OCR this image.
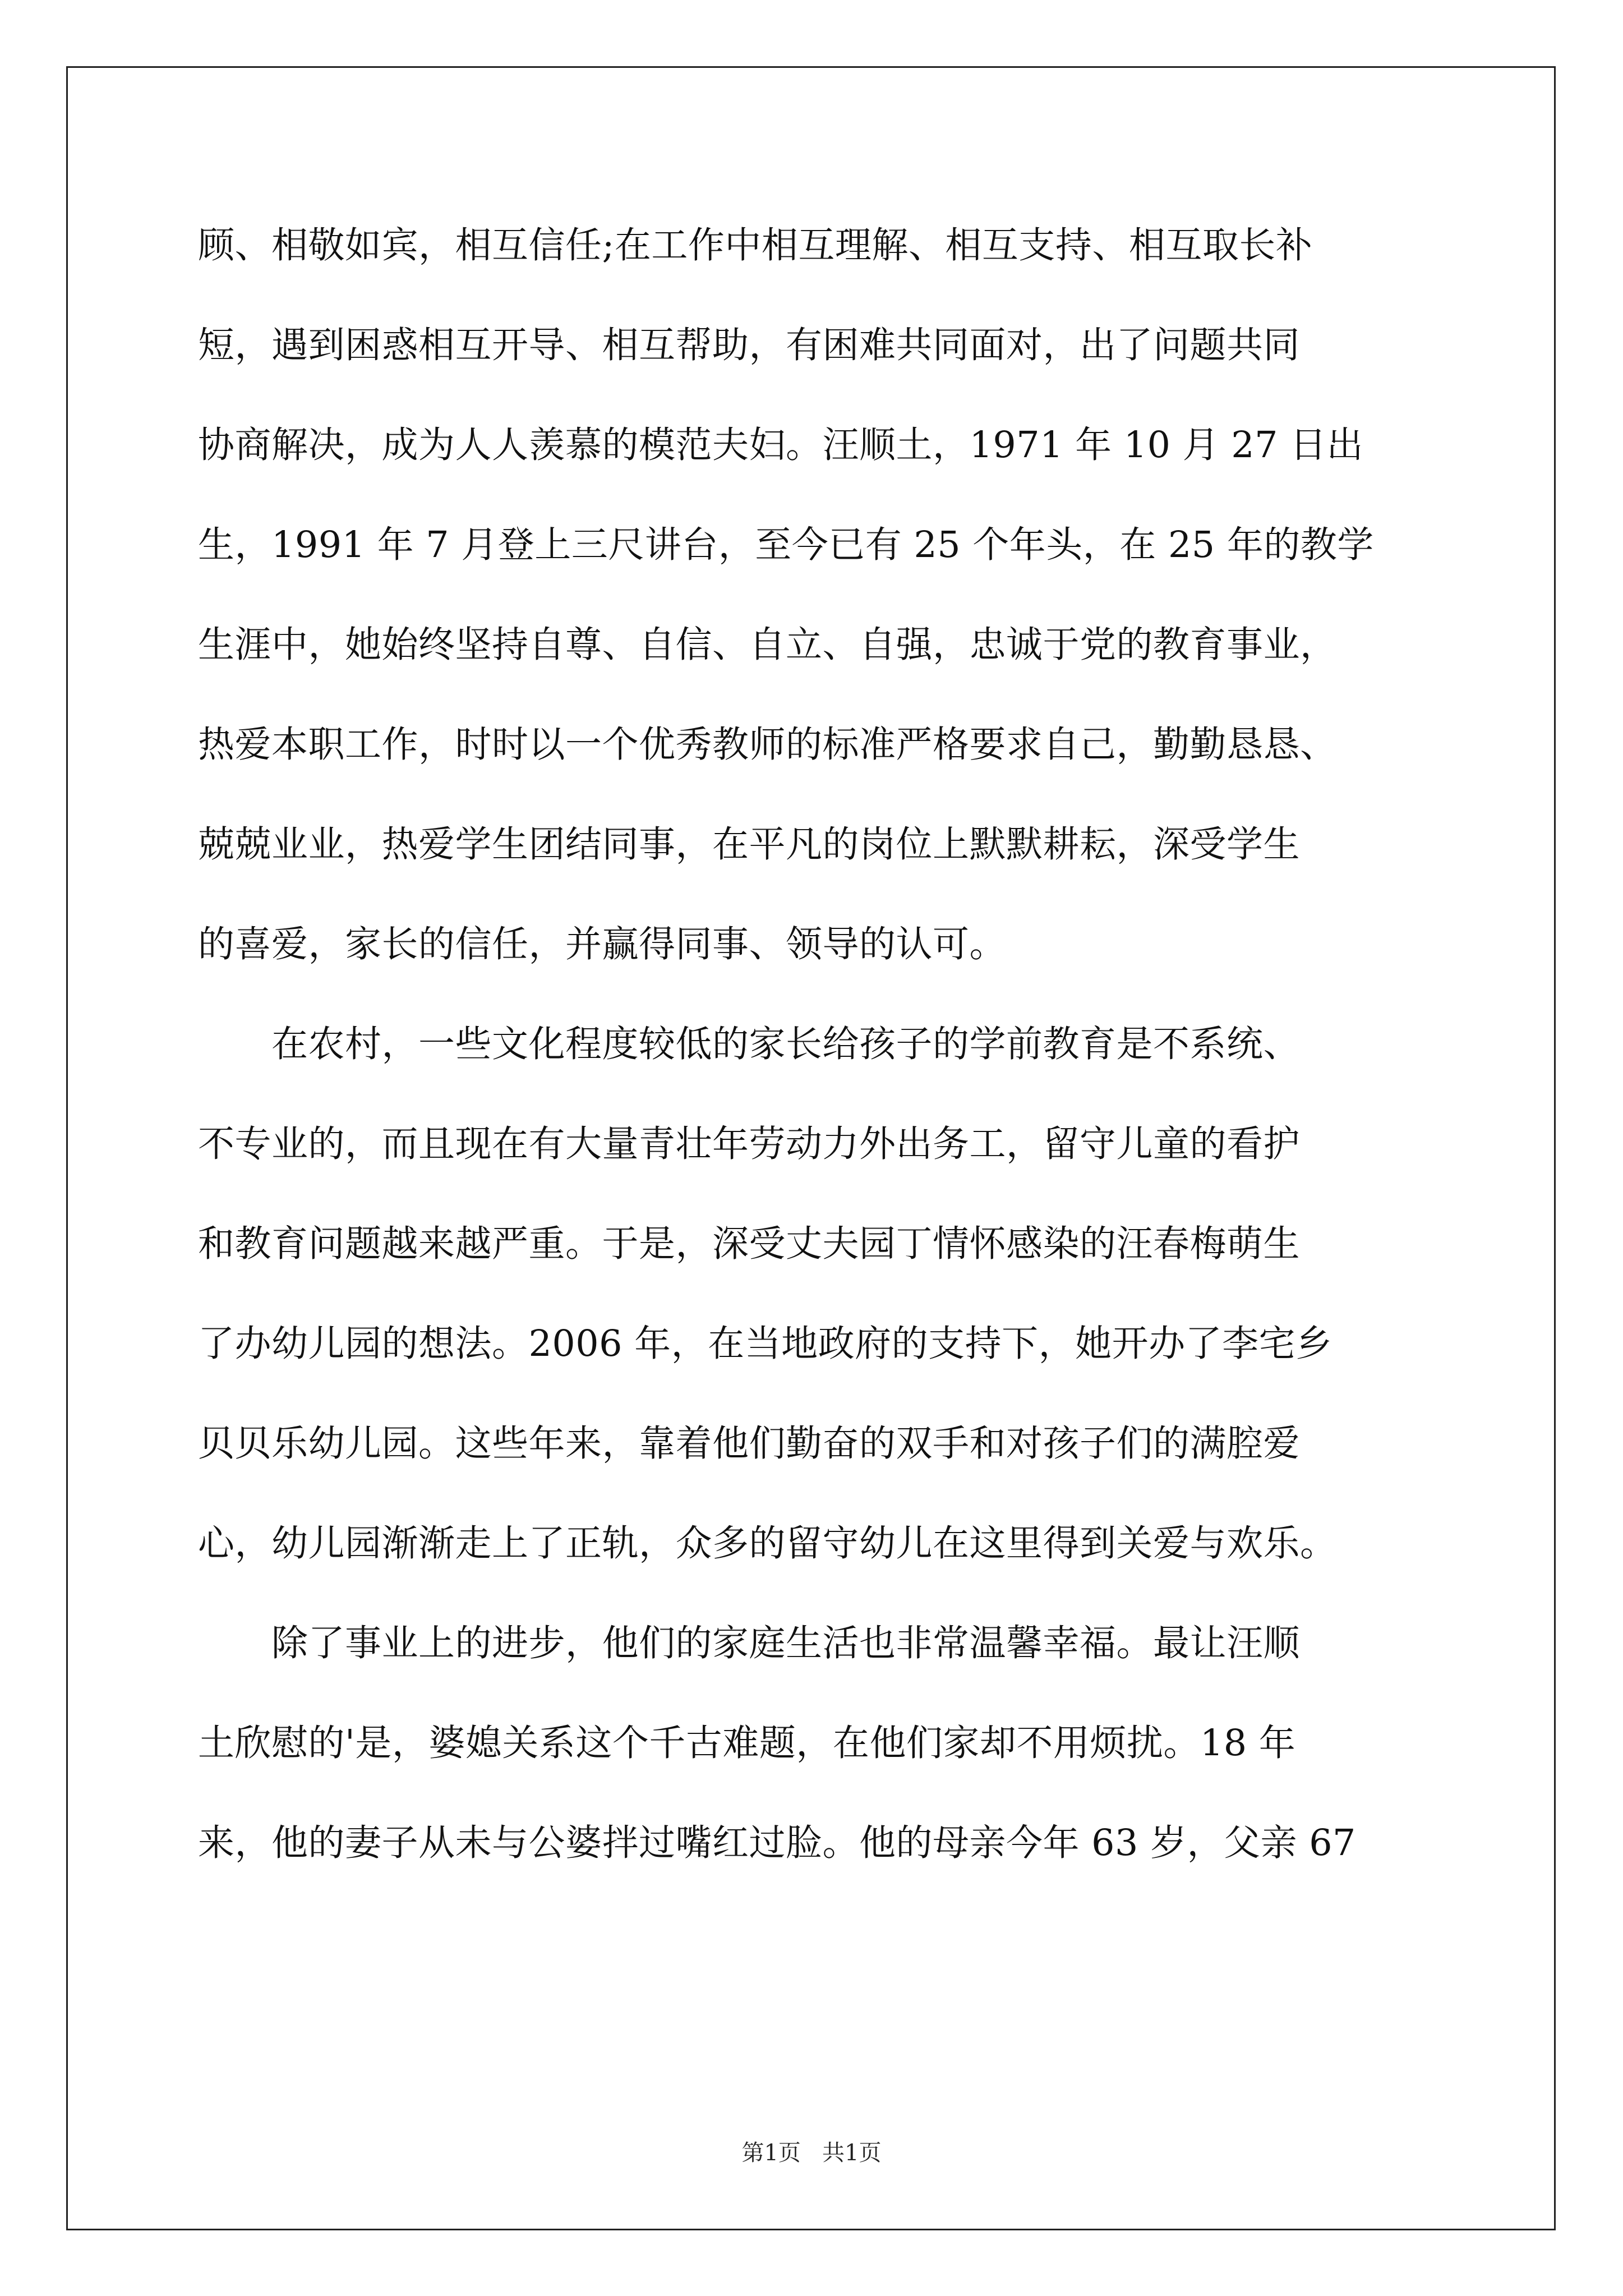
顾、相敬如宾，相互信任;在工作中相互理解、相互支持、相互取长补
短，遇到困惑相互开导、相互帮助，有困难共同面对，出了问题共同
协商解决，成为人人羡慕的模范夫妇。汪顺土，1971 年 10 月 27 日出
生，1991 年 7 月登上三尺讲台，至今已有 25 个年头，在 25 年的教学
生涯中，她始终坚持自尊、自信、自立、自强，忠诚于党的教育事业，
热爱本职工作，时时以一个优秀教师的标准严格要求自己，勤勤恳恳、
兢兢业业，热爱学生团结同事，在平凡的岗位上默默耕耘，深受学生
的喜爱，家长的信任，并赢得同事、领导的认可。
　　在农村，一些文化程度较低的家长给孩子的学前教育是不系统、
不专业的，而且现在有大量青壮年劳动力外出务工，留守儿童的看护
和教育问题越来越严重。于是，深受丈夫园丁情怀感染的汪春梅萌生
了办幼儿园的想法。2006 年，在当地政府的支持下，她开办了李宅乡
贝贝乐幼儿园。这些年来，靠着他们勤奋的双手和对孩子们的满腔爱
心，幼儿园渐渐走上了正轨，众多的留守幼儿在这里得到关爱与欢乐。
　　除了事业上的进步，他们的家庭生活也非常温馨幸福。最让汪顺
土欣慰的'是，婆媳关系这个千古难题，在他们家却不用烦扰。18 年
来，他的妻子从未与公婆拌过嘴红过脸。他的母亲今年 63 岁，父亲 67
第1页   共1页
